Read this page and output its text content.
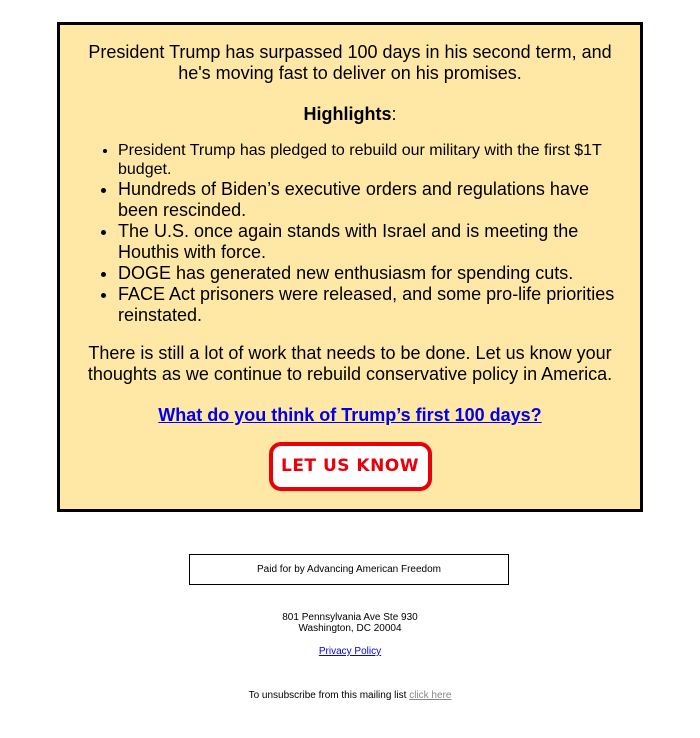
President Trump has surpassed 100 days in his second term, and he's moving fast to deliver on his promises.
Highlights:
• President Trump has pledged to rebuild our military with the first $1T budget.
• Hundreds of Biden’s executive orders and regulations have been rescinded.
• The U.S. once again stands with Israel and is meeting the Houthis with force.
• DOGE has generated new enthusiasm for spending cuts.
• FACE Act prisoners were released, and some pro-life priorities reinstated.
There is still a lot of work that needs to be done. Let us know your thoughts as we continue to rebuild conservative policy in America.
What do you think of Trump’s first 100 days?
LET US KNOW
Paid for by Advancing American Freedom
801 Pennsylvania Ave Ste 930
Washington, DC 20004
Privacy Policy
To unsubscribe from this mailing list click here
